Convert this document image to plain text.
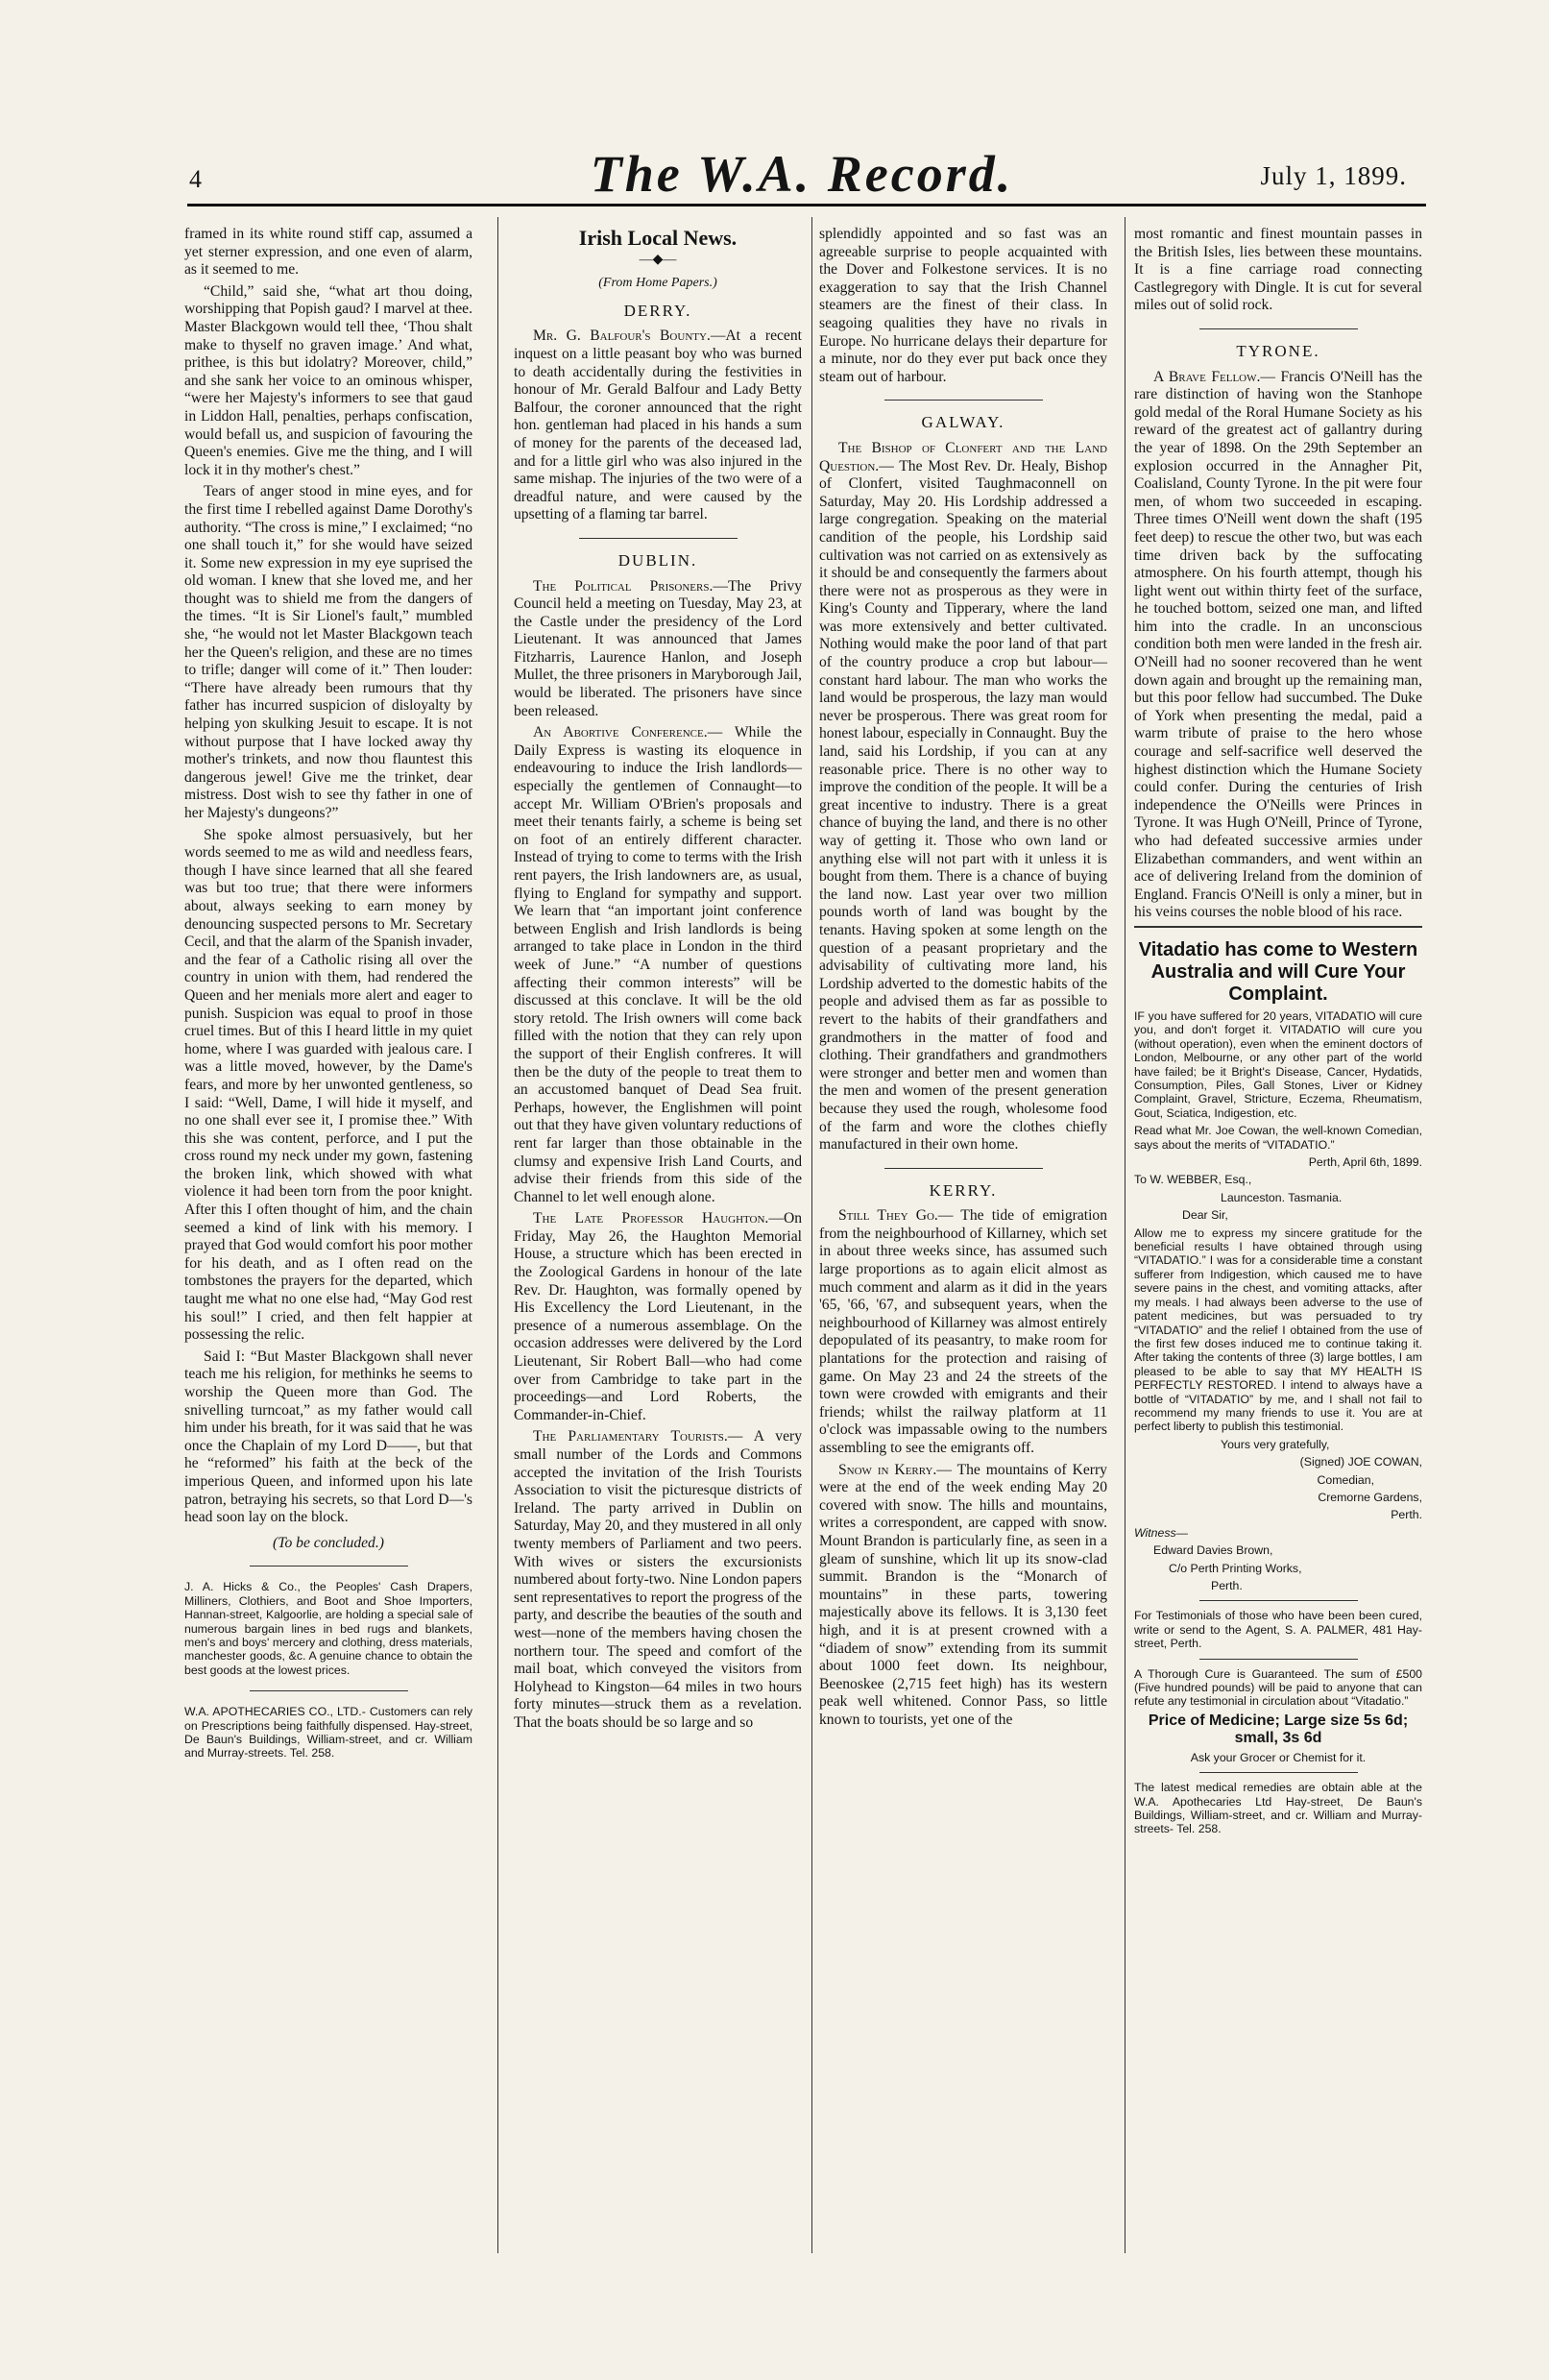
4	The W.A. Record.	July 1, 1899.

framed in its white round stiff cap, assumed a yet sterner expression, and one even of alarm, as it seemed to me.

“Child,” said she, “what art thou doing, worshipping that Popish gaud? I marvel at thee. Master Blackgown would tell thee, ‘Thou shalt make to thyself no graven image.’ And what, prithee, is this but idolatry? Moreover, child,” and she sank her voice to an ominous whisper, “were her Majesty's informers to see that gaud in Liddon Hall, penalties, perhaps confiscation, would befall us, and suspicion of favouring the Queen's enemies. Give me the thing, and I will lock it in thy mother's chest.”

Tears of anger stood in mine eyes, and for the first time I rebelled against Dame Dorothy's authority. “The cross is mine,” I exclaimed; “no one shall touch it,” for she would have seized it. Some new expression in my eye suprised the old woman. I knew that she loved me, and her thought was to shield me from the dangers of the times. “It is Sir Lionel's fault,” mumbled she, “he would not let Master Blackgown teach her the Queen's religion, and these are no times to trifle; danger will come of it.” Then louder: “There have already been rumours that thy father has incurred suspicion of disloyalty by helping yon skulking Jesuit to escape. It is not without purpose that I have locked away thy mother's trinkets, and now thou flauntest this dangerous jewel! Give me the trinket, dear mistress. Dost wish to see thy father in one of her Majesty's dungeons?”

She spoke almost persuasively, but her words seemed to me as wild and needless fears, though I have since learned that all she feared was but too true; that there were informers about, always seeking to earn money by denouncing suspected persons to Mr. Secretary Cecil, and that the alarm of the Spanish invader, and the fear of a Catholic rising all over the country in union with them, had rendered the Queen and her menials more alert and eager to punish. Suspicion was equal to proof in those cruel times. But of this I heard little in my quiet home, where I was guarded with jealous care. I was a little moved, however, by the Dame's fears, and more by her unwonted gentleness, so I said: “Well, Dame, I will hide it myself, and no one shall ever see it, I promise thee.” With this she was content, perforce, and I put the cross round my neck under my gown, fastening the broken link, which showed with what violence it had been torn from the poor knight. After this I often thought of him, and the chain seemed a kind of link with his memory. I prayed that God would comfort his poor mother for his death, and as I often read on the tombstones the prayers for the departed, which taught me what no one else had, “May God rest his soul!” I cried, and then felt happier at possessing the relic.

Said I: “But Master Blackgown shall never teach me his religion, for methinks he seems to worship the Queen more than God. The snivelling turncoat,” as my father would call him under his breath, for it was said that he was once the Chaplain of my Lord D——, but that he “reformed” his faith at the beck of the imperious Queen, and informed upon his late patron, betraying his secrets, so that Lord D—'s head soon lay on the block.

(To be concluded.)

J. A. Hicks & Co., the Peoples' Cash Drapers, Milliners, Clothiers, and Boot and Shoe Importers, Hannan-street, Kalgoorlie, are holding a special sale of numerous bargain lines in bed rugs and blankets, men's and boys' mercery and clothing, dress materials, manchester goods, &c. A genuine chance to obtain the best goods at the lowest prices.

W.A. APOTHECARIES CO., LTD.- Customers can rely on Prescriptions being faithfully dispensed. Hay-street, De Baun's Buildings, William-street, and cr. William and Murray-streets. Tel. 258.

Irish Local News.
—◆—
(From Home Papers.)
DERRY.

Mr. G. Balfour's Bounty.—At a recent inquest on a little peasant boy who was burned to death accidentally during the festivities in honour of Mr. Gerald Balfour and Lady Betty Balfour, the coroner announced that the right hon. gentleman had placed in his hands a sum of money for the parents of the deceased lad, and for a little girl who was also injured in the same mishap. The injuries of the two were of a dreadful nature, and were caused by the upsetting of a flaming tar barrel.

DUBLIN.

The Political Prisoners.—The Privy Council held a meeting on Tuesday, May 23, at the Castle under the presidency of the Lord Lieutenant. It was announced that James Fitzharris, Laurence Hanlon, and Joseph Mullet, the three prisoners in Maryborough Jail, would be liberated. The prisoners have since been released.

An Abortive Conference.— While the Daily Express is wasting its eloquence in endeavouring to induce the Irish landlords—especially the gentlemen of Connaught—to accept Mr. William O'Brien's proposals and meet their tenants fairly, a scheme is being set on foot of an entirely different character. Instead of trying to come to terms with the Irish rent payers, the Irish landowners are, as usual, flying to England for sympathy and support. We learn that “an important joint conference between English and Irish landlords is being arranged to take place in London in the third week of June.” “A number of questions affecting their common interests” will be discussed at this conclave. It will be the old story retold. The Irish owners will come back filled with the notion that they can rely upon the support of their English confreres. It will then be the duty of the people to treat them to an accustomed banquet of Dead Sea fruit. Perhaps, however, the Englishmen will point out that they have given voluntary reductions of rent far larger than those obtainable in the clumsy and expensive Irish Land Courts, and advise their friends from this side of the Channel to let well enough alone.

The Late Professor Haughton.—On Friday, May 26, the Haughton Memorial House, a structure which has been erected in the Zoological Gardens in honour of the late Rev. Dr. Haughton, was formally opened by His Excellency the Lord Lieutenant, in the presence of a numerous assemblage. On the occasion addresses were delivered by the Lord Lieutenant, Sir Robert Ball—who had come over from Cambridge to take part in the proceedings—and Lord Roberts, the Commander-in-Chief.

The Parliamentary Tourists.— A very small number of the Lords and Commons accepted the invitation of the Irish Tourists Association to visit the picturesque districts of Ireland. The party arrived in Dublin on Saturday, May 20, and they mustered in all only twenty members of Parliament and two peers. With wives or sisters the excursionists numbered about forty-two. Nine London papers sent representatives to report the progress of the party, and describe the beauties of the south and west—none of the members having chosen the northern tour. The speed and comfort of the mail boat, which conveyed the visitors from Holyhead to Kingston—64 miles in two hours forty minutes—struck them as a revelation. That the boats should be so large and so

splendidly appointed and so fast was an agreeable surprise to people acquainted with the Dover and Folkestone services. It is no exaggeration to say that the Irish Channel steamers are the finest of their class. In seagoing qualities they have no rivals in Europe. No hurricane delays their departure for a minute, nor do they ever put back once they steam out of harbour.

GALWAY.

The Bishop of Clonfert and the Land Question.— The Most Rev. Dr. Healy, Bishop of Clonfert, visited Taughmaconnell on Saturday, May 20. His Lordship addressed a large congregation. Speaking on the material candition of the people, his Lordship said cultivation was not carried on as extensively as it should be and consequently the farmers about there were not as prosperous as they were in King's County and Tipperary, where the land was more extensively and better cultivated. Nothing would make the poor land of that part of the country produce a crop but labour—constant hard labour. The man who works the land would be prosperous, the lazy man would never be prosperous. There was great room for honest labour, especially in Connaught. Buy the land, said his Lordship, if you can at any reasonable price. There is no other way to improve the condition of the people. It will be a great incentive to industry. There is a great chance of buying the land, and there is no other way of getting it. Those who own land or anything else will not part with it unless it is bought from them. There is a chance of buying the land now. Last year over two million pounds worth of land was bought by the tenants. Having spoken at some length on the question of a peasant proprietary and the advisability of cultivating more land, his Lordship adverted to the domestic habits of the people and advised them as far as possible to revert to the habits of their grandfathers and grandmothers in the matter of food and clothing. Their grandfathers and grandmothers were stronger and better men and women than the men and women of the present generation because they used the rough, wholesome food of the farm and wore the clothes chiefly manufactured in their own home.

KERRY.

Still They Go.— The tide of emigration from the neighbourhood of Killarney, which set in about three weeks since, has assumed such large proportions as to again elicit almost as much comment and alarm as it did in the years '65, '66, '67, and subsequent years, when the neighbourhood of Killarney was almost entirely depopulated of its peasantry, to make room for plantations for the protection and raising of game. On May 23 and 24 the streets of the town were crowded with emigrants and their friends; whilst the railway platform at 11 o'clock was impassable owing to the numbers assembling to see the emigrants off.

Snow in Kerry.— The mountains of Kerry were at the end of the week ending May 20 covered with snow. The hills and mountains, writes a correspondent, are capped with snow. Mount Brandon is particularly fine, as seen in a gleam of sunshine, which lit up its snow-clad summit. Brandon is the “Monarch of mountains” in these parts, towering majestically above its fellows. It is 3,130 feet high, and it is at present crowned with a “diadem of snow” extending from its summit about 1000 feet down. Its neighbour, Beenoskee (2,715 feet high) has its western peak well whitened. Connor Pass, so little known to tourists, yet one of the

most romantic and finest mountain passes in the British Isles, lies between these mountains. It is a fine carriage road connecting Castlegregory with Dingle. It is cut for several miles out of solid rock.

TYRONE.

A Brave Fellow.— Francis O'Neill has the rare distinction of having won the Stanhope gold medal of the Roral Humane Society as his reward of the greatest act of gallantry during the year of 1898. On the 29th September an explosion occurred in the Annagher Pit, Coalisland, County Tyrone. In the pit were four men, of whom two succeeded in escaping. Three times O'Neill went down the shaft (195 feet deep) to rescue the other two, but was each time driven back by the suffocating atmosphere. On his fourth attempt, though his light went out within thirty feet of the surface, he touched bottom, seized one man, and lifted him into the cradle. In an unconscious condition both men were landed in the fresh air. O'Neill had no sooner recovered than he went down again and brought up the remaining man, but this poor fellow had succumbed. The Duke of York when presenting the medal, paid a warm tribute of praise to the hero whose courage and self-sacrifice well deserved the highest distinction which the Humane Society could confer. During the centuries of Irish independence the O'Neills were Princes in Tyrone. It was Hugh O'Neill, Prince of Tyrone, who had defeated successive armies under Elizabethan commanders, and went within an ace of delivering Ireland from the dominion of England. Francis O'Neill is only a miner, but in his veins courses the noble blood of his race.

Vitadatio has come to Western Australia and will Cure Your Complaint.

IF you have suffered for 20 years, VITADATIO will cure you, and don't forget it. VITADATIO will cure you (without operation), even when the eminent doctors of London, Melbourne, or any other part of the world have failed; be it Bright's Disease, Cancer, Hydatids, Consumption, Piles, Gall Stones, Liver or Kidney Complaint, Gravel, Stricture, Eczema, Rheumatism, Gout, Sciatica, Indigestion, etc.

Read what Mr. Joe Cowan, the well-known Comedian, says about the merits of “VITADATIO.”

Perth, April 6th, 1899.

To W. WEBBER, Esq.,

Launceston. Tasmania.

Dear Sir,

Allow me to express my sincere gratitude for the beneficial results I have obtained through using “VITADATIO.” I was for a considerable time a constant sufferer from Indigestion, which caused me to have severe pains in the chest, and vomiting attacks, after my meals. I had always been adverse to the use of patent medicines, but was persuaded to try “VITADATIO” and the relief I obtained from the use of the first few doses induced me to continue taking it. After taking the contents of three (3) large bottles, I am pleased to be able to say that MY HEALTH IS PERFECTLY RESTORED. I intend to always have a bottle of “VITADATIO” by me, and I shall not fail to recommend my many friends to use it. You are at perfect liberty to publish this testimonial.

Yours very gratefully,

(Signed) JOE COWAN,

Comedian,

Cremorne Gardens,

Perth.

Witness—

Edward Davies Brown,

C/o Perth Printing Works,

Perth.

For Testimonials of those who have been been cured, write or send to the Agent, S. A. PALMER, 481 Hay-street, Perth.

A Thorough Cure is Guaranteed. The sum of £500 (Five hundred pounds) will be paid to anyone that can refute any testimonial in circulation about “Vitadatio.”

Price of Medicine; Large size 5s 6d; small, 3s 6d

Ask your Grocer or Chemist for it.

The latest medical remedies are obtain able at the W.A. Apothecaries Ltd Hay-street, De Baun's Buildings, William-street, and cr. William and Murray-streets- Tel. 258.
